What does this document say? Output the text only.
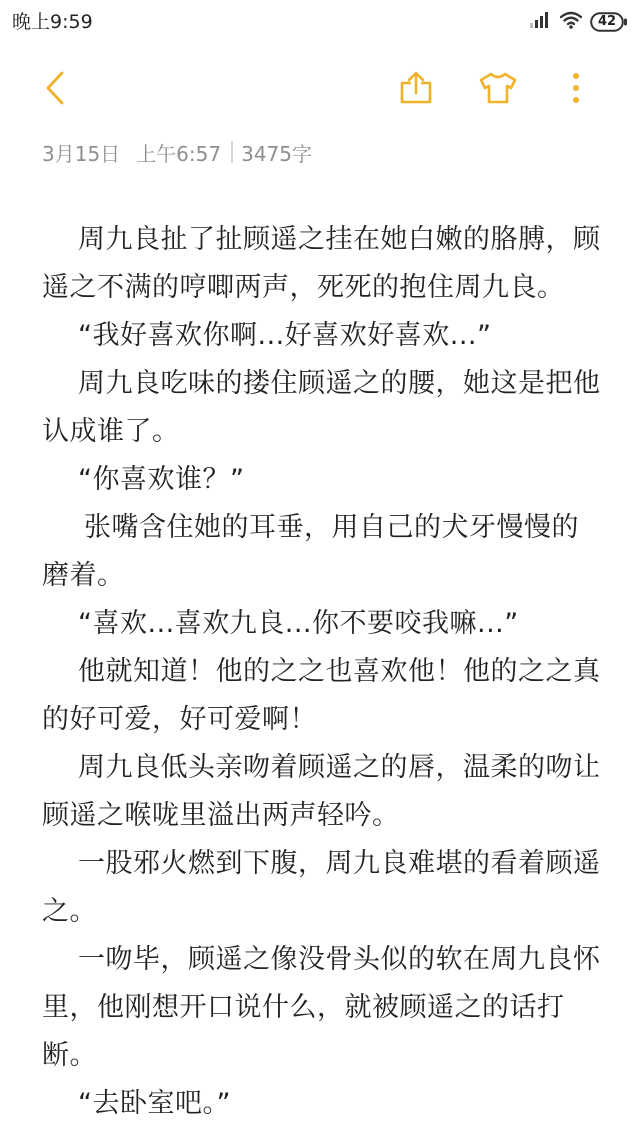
晚上9:59	42
3月15日 上午6:57 3475字

周九良扯了扯顾遥之挂在她白嫩的胳膊，顾遥之不满的哼唧两声，死死的抱住周九良。

“我好喜欢你啊...好喜欢好喜欢...”

周九良吃味的搂住顾遥之的腰，她这是把他认成谁了。

“你喜欢谁？”

张嘴含住她的耳垂，用自己的犬牙慢慢的磨着。

“喜欢...喜欢九良...你不要咬我嘛...”

他就知道！他的之之也喜欢他！他的之之真的好可爱，好可爱啊！

周九良低头亲吻着顾遥之的唇，温柔的吻让顾遥之喉咙里溢出两声轻吟。

一股邪火燃到下腹，周九良难堪的看着顾遥之。

一吻毕，顾遥之像没骨头似的软在周九良怀里，他刚想开口说什么，就被顾遥之的话打断。

“去卧室吧。”
